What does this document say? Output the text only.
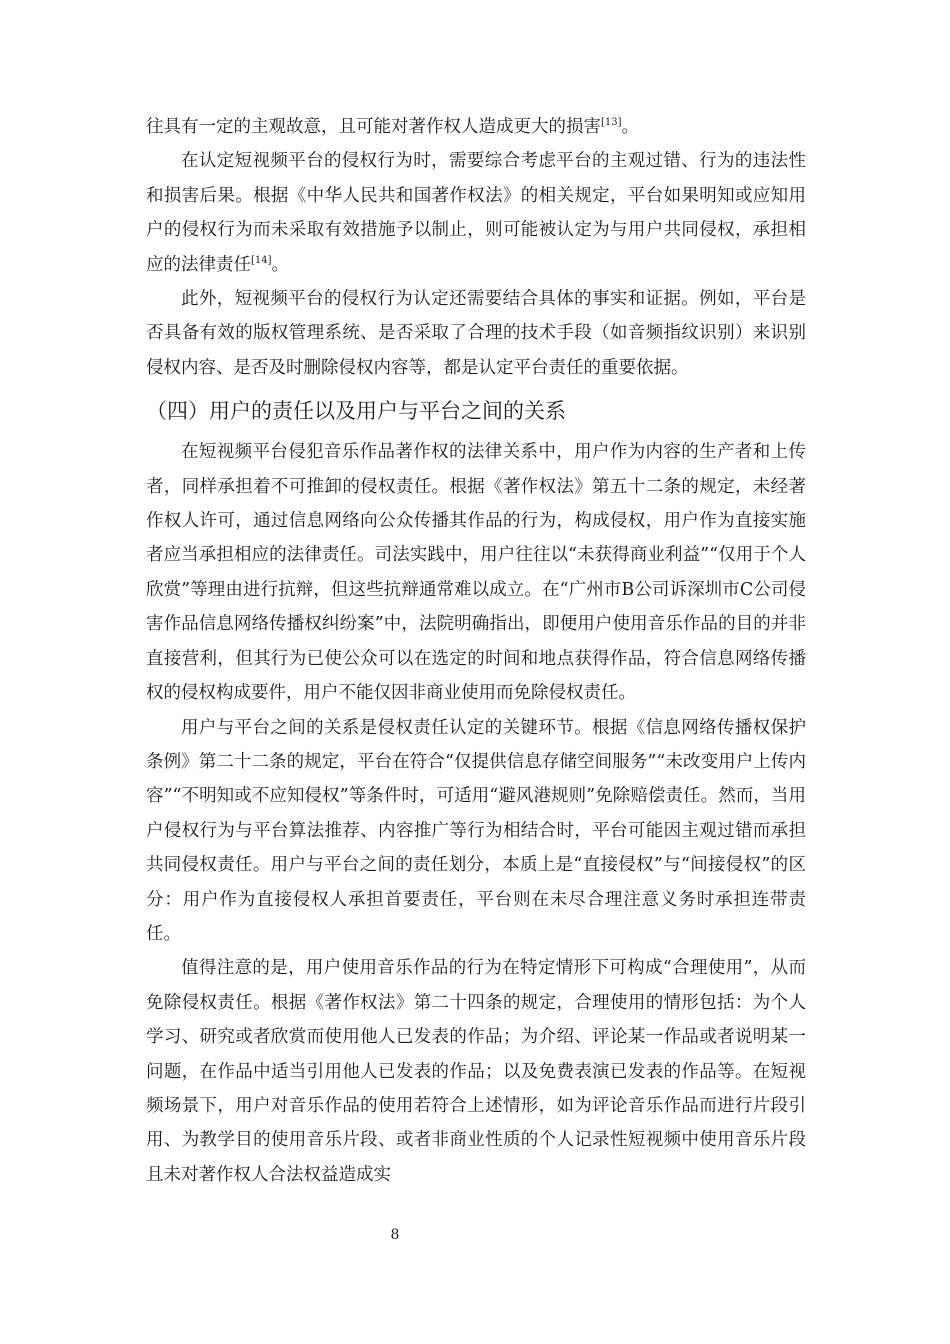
往具有一定的主观故意，且可能对著作权人造成更大的损害[13]。

在认定短视频平台的侵权行为时，需要综合考虑平台的主观过错、行为的违法性和损害后果。根据《中华人民共和国著作权法》的相关规定，平台如果明知或应知用户的侵权行为而未采取有效措施予以制止，则可能被认定为与用户共同侵权，承担相应的法律责任[14]。

此外，短视频平台的侵权行为认定还需要结合具体的事实和证据。例如，平台是否具备有效的版权管理系统、是否采取了合理的技术手段（如音频指纹识别）来识别侵权内容、是否及时删除侵权内容等，都是认定平台责任的重要依据。

（四）用户的责任以及用户与平台之间的关系

在短视频平台侵犯音乐作品著作权的法律关系中，用户作为内容的生产者和上传者，同样承担着不可推卸的侵权责任。根据《著作权法》第五十二条的规定，未经著作权人许可，通过信息网络向公众传播其作品的行为，构成侵权，用户作为直接实施者应当承担相应的法律责任。司法实践中，用户往往以“未获得商业利益”“仅用于个人欣赏”等理由进行抗辩，但这些抗辩通常难以成立。在“广州市B公司诉深圳市C公司侵害作品信息网络传播权纠纷案”中，法院明确指出，即便用户使用音乐作品的目的并非直接营利，但其行为已使公众可以在选定的时间和地点获得作品，符合信息网络传播权的侵权构成要件，用户不能仅因非商业使用而免除侵权责任。

用户与平台之间的关系是侵权责任认定的关键环节。根据《信息网络传播权保护条例》第二十二条的规定，平台在符合“仅提供信息存储空间服务”“未改变用户上传内容”“不明知或不应知侵权”等条件时，可适用“避风港规则”免除赔偿责任。然而，当用户侵权行为与平台算法推荐、内容推广等行为相结合时，平台可能因主观过错而承担共同侵权责任。用户与平台之间的责任划分，本质上是“直接侵权”与“间接侵权”的区分：用户作为直接侵权人承担首要责任，平台则在未尽合理注意义务时承担连带责任。

值得注意的是，用户使用音乐作品的行为在特定情形下可构成“合理使用”，从而免除侵权责任。根据《著作权法》第二十四条的规定，合理使用的情形包括：为个人学习、研究或者欣赏而使用他人已发表的作品；为介绍、评论某一作品或者说明某一问题，在作品中适当引用他人已发表的作品；以及免费表演已发表的作品等。在短视频场景下，用户对音乐作品的使用若符合上述情形，如为评论音乐作品而进行片段引用、为教学目的使用音乐片段、或者非商业性质的个人记录性短视频中使用音乐片段且未对著作权人合法权益造成实

8
